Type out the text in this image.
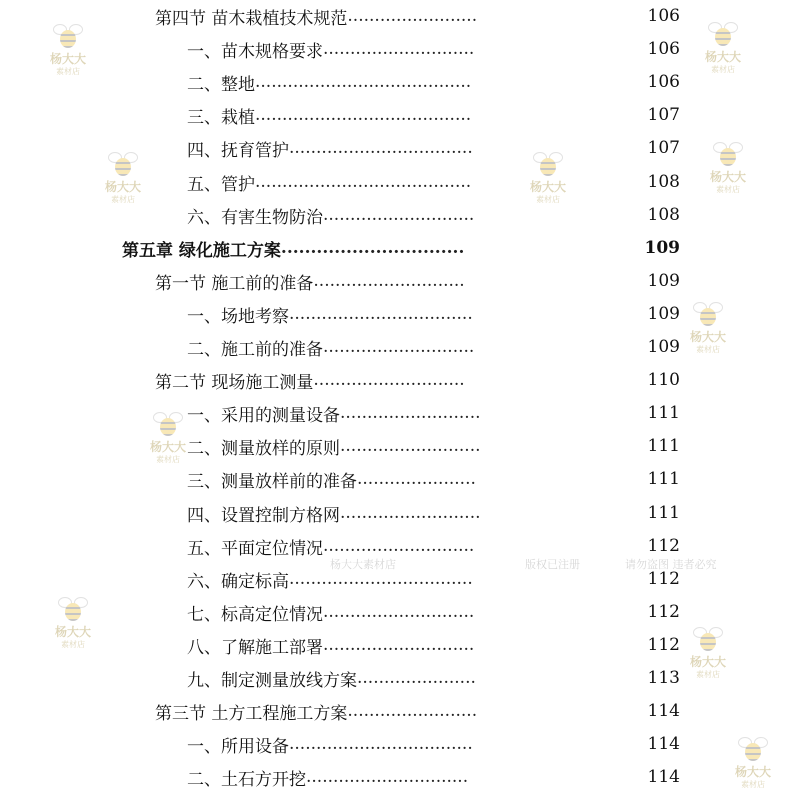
杨大大
素材店
杨大大
素材店
杨大大
素材店
杨大大
素材店
杨大大
素材店
杨大大
素材店
杨大大
素材店
杨大大
素材店
杨大大
素材店
杨大大
素材店
版权已注册	请勿盗图 违者必究
杨大大素材店
第四节 苗木栽植技术规范 ........................	106
一、苗木规格要求 ............................	106
二、整地 ........................................	106
三、栽植 ........................................	107
四、抚育管护 ..................................	107
五、管护 ........................................	108
六、有害生物防治 ............................	108
第五章 绿化施工方案 ...............................	109
第一节 施工前的准备 ............................	109
一、场地考察 ..................................	109
二、施工前的准备 ............................	109
第二节 现场施工测量 ............................	110
一、采用的测量设备 ..........................	111
二、测量放样的原则 ..........................	111
三、测量放样前的准备 ......................	111
四、设置控制方格网 ..........................	111
五、平面定位情况 ............................	112
六、确定标高 ..................................	112
七、标高定位情况 ............................	112
八、了解施工部署 ............................	112
九、制定测量放线方案 ......................	113
第三节 土方工程施工方案 ........................	114
一、所用设备 ..................................	114
二、土石方开挖 ..............................	114
